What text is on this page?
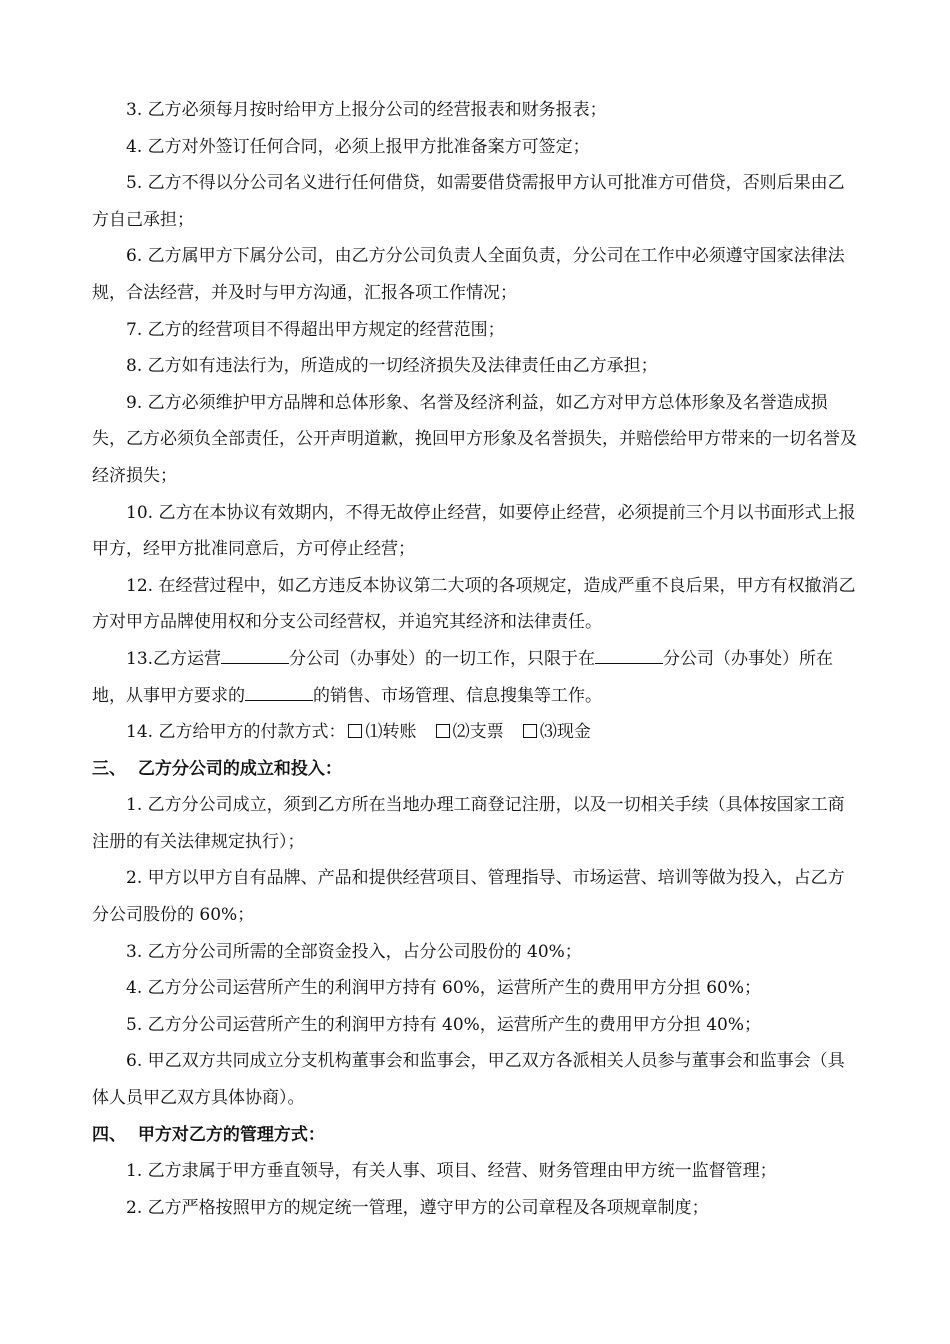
3. 乙方必须每月按时给甲方上报分公司的经营报表和财务报表；

4. 乙方对外签订任何合同，必须上报甲方批准备案方可签定；

5. 乙方不得以分公司名义进行任何借贷，如需要借贷需报甲方认可批准方可借贷，否则后果由乙方自己承担；

6. 乙方属甲方下属分公司，由乙方分公司负责人全面负责，分公司在工作中必须遵守国家法律法规，合法经营，并及时与甲方沟通，汇报各项工作情况；

7. 乙方的经营项目不得超出甲方规定的经营范围；

8. 乙方如有违法行为，所造成的一切经济损失及法律责任由乙方承担；

9. 乙方必须维护甲方品牌和总体形象、名誉及经济利益，如乙方对甲方总体形象及名誉造成损失，乙方必须负全部责任，公开声明道歉，挽回甲方形象及名誉损失，并赔偿给甲方带来的一切名誉及经济损失；

10. 乙方在本协议有效期内，不得无故停止经营，如要停止经营，必须提前三个月以书面形式上报甲方，经甲方批准同意后，方可停止经营；

12. 在经营过程中，如乙方违反本协议第二大项的各项规定，造成严重不良后果，甲方有权撤消乙方对甲方品牌使用权和分支公司经营权，并追究其经济和法律责任。

13.乙方运营	分公司（办事处）的一切工作，只限于在	分公司（办事处）所在地，从事甲方要求的	的销售、市场管理、信息搜集等工作。

14. 乙方给甲方的付款方式： ⑴转账 ⑵支票 ⑶现金

三、  乙方分公司的成立和投入：

1. 乙方分公司成立，须到乙方所在当地办理工商登记注册，以及一切相关手续（具体按国家工商注册的有关法律规定执行）；

2. 甲方以甲方自有品牌、产品和提供经营项目、管理指导、市场运营、培训等做为投入，占乙方分公司股份的 60%；

3. 乙方分公司所需的全部资金投入，占分公司股份的 40%；

4. 乙方分公司运营所产生的利润甲方持有 60%，运营所产生的费用甲方分担 60%；

5. 乙方分公司运营所产生的利润甲方持有 40%，运营所产生的费用甲方分担 40%；

6. 甲乙双方共同成立分支机构董事会和监事会，甲乙双方各派相关人员参与董事会和监事会（具体人员甲乙双方具体协商）。

四、  甲方对乙方的管理方式：

1. 乙方隶属于甲方垂直领导，有关人事、项目、经营、财务管理由甲方统一监督管理；

2. 乙方严格按照甲方的规定统一管理，遵守甲方的公司章程及各项规章制度；
